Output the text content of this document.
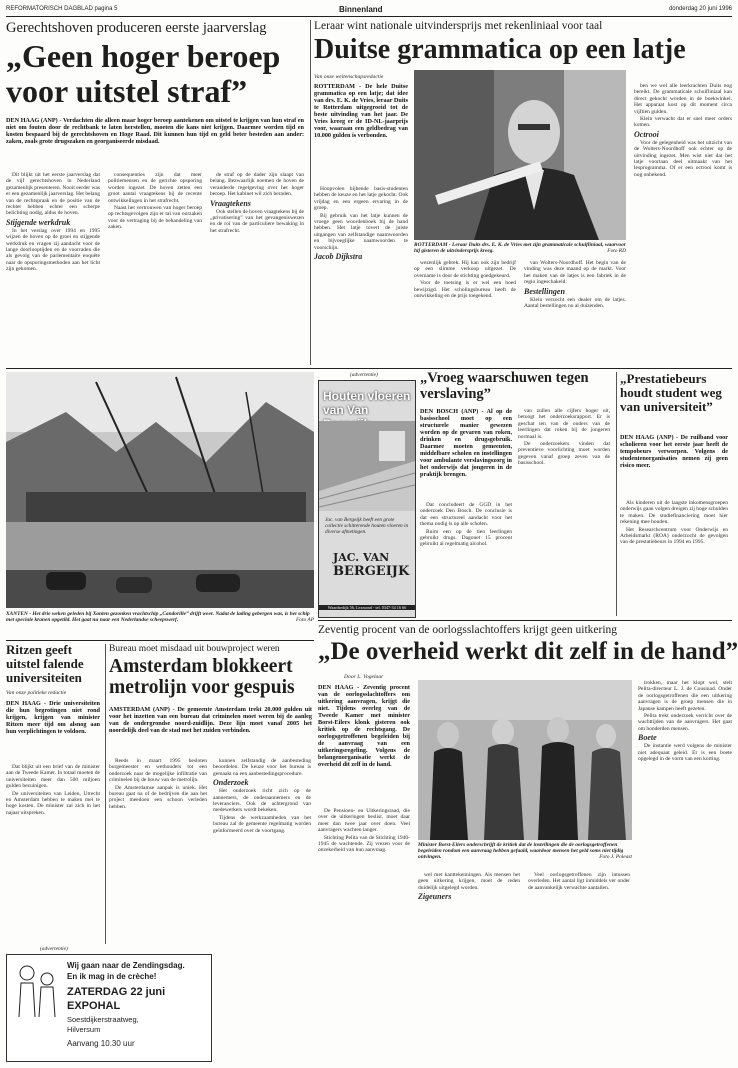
REFORMATORISCH DAGBLAD pagina 5	Binnenland	donderdag 20 juni 1996
Gerechtshoven produceren eerste jaarverslag
„Geen hoger beroep
voor uitstel straf”
DEN HAAG (ANP) - Verdachten die alleen maar hoger beroep aantekenen om uitstel te krijgen van hun straf en niet om fouten door de rechtbank te laten herstellen, moeten die kans niet krijgen. Daarmee worden tijd en kosten bespaard bij de gerechtshoven en Hoge Raad. Dit kunnen hun tijd en geld beter besteden aan ander: zaken, zoals grote drugszaken en georganiseerde misdaad.

Dit blijkt uit het eerste jaarverslag dat de vijf gerechtshoven in Nederland gezamenlijk presenteren. Nooit eerder was er een gezamenlijk jaarverslag. Het belang van de rechtspraak en de positie van de rechter hebben echter een scherpe belichting nodig, aldus de hoven.

Stijgende werkdruk

In het verslag over 1994 en 1995 wijzen de hoven op de groei en stijgende werkdruk en vragen zij aandacht voor de lange doorlooptijden en de voorraden die als gevolg van de parlementaire enquête naar de opsporingsmethoden aan het licht zijn gekomen.

consequenties zijn dat meer politiemensen en de gerichte opsporing worden ingezet. De hoven zetten een groot aantal vraagtekens bij de recente ontwikkelingen in het strafrecht.

Naast het vertrouwen van hoger beroep op rechtsgevolgen zijn er tal van oorzaken voor de vertraging bij de behandeling van zaken.

de straf op de dader zijn slaapt van belang. Bezwaarlijk noemen de hoven de veranderde regelgeving over het hoger beroep. Het kabinet wil zich beraden.

Vraagtekens

Ook stellen de hoven vraagtekens bij de „privatisering” van het gevangeniswezen en de rol van de particuliere bewaking in het strafrecht.

Leraar wint nationale uitvindersprijs met rekenliniaal voor taal
Duitse grammatica op een latje
Van onze weitenschapsredactie
ROTTERDAM - De hele Duitse grammatica op een latje; dat idee van drs. E. K. de Vries, leraar Duits te Rotterdam uitgegroeid tot de beste uitvinding van het jaar. De Vries kreeg er de ID-NL-jaarprijs voor, waaraan een geldbedrag van 10.000 gulden is verbonden.

Hoopvolen bijbende basis-studenten hebben de keuze en het latje gekocht. Ook vrijdag en een ergeen ervaring in de groep.

Bij gebruik van het latje kunnen de vroege geen woordenboek bij de hand hebben. Het latje tovert de juiste uitgangen van zelfstandige naamwoorden en bijvoeglijke naamwoorden te voorschijn.

Jacob Dijkstra

ROTTERDAM - Leraar Duits drs. E. K. de Vries met zijn grammaticale schuifliniaal, waarvoor hij gisteren de uitvindersprijs kreeg.	Foto RD

wezenlijk gebrek. Hij kan ook zijn bedrijf op een slimme verkoop uitgezet. De overname is door de stichting goedgekeurd.

Voor de toetsing is er wel een hoed bewijzigd. Het scholingsbureau heeft de ontwikkeling en de prijs toegekend.

van Wolters-Noordhoff. Het begin van de vinding was deze maand op de markt. Voor het maken van de latjes is een fabriek in de regio ingeschakeld.

Bestellingen

Klein verzocht een dealer om de latjes. Aantal bestellingen nu al duizenden.

ben we wel alle leerkrachten Duits nog bereikt. De grammaticale schuifliniaal kan direct gekocht worden in de boekwinkel. Het apparaat kost op dit moment circa vijftien gulden.

Klein verwacht dat er snel meer orders komen.

Octrooi

Voor de gelegenheid was het uitzicht van de Wolters-Noordhoff ook echter op de uitvinding ingezet. Men wist niet dat het latje voortaan deel uitmaakt van het lesprogramma. Of er een octrooi komt is nog onbekend.

XANTEN - Het drie weken geleden bij Xanten gezonken vrachtschip „Candorille” drijft weer. Nadat de lading gebergen was, is het schip met speciale kranen opgetild. Het gaat nu naar een Nederlandse scheepswerf.	Foto AP
(advertentie)
Houten vloeren
van Van
Jac. van Bergeijk heeft een grote collectie schitterende houten vloeren in diverse afmetingen.
JAC. VAN
BERGEIJK
Waardsedijk 56, Lexmond - tel. 0347-34 16 66
„Vroeg waarschuwen tegen
verslaving”
DEN BOSCH (ANP) - Al op de basisschool moet op een structurele manier gewezen worden op de gevaren van roken, drinken en drugsgebruik. Daarmee moeten gemeenten, middelbare scholen en instellingen voor ambulante verslavingszorg in het onderwijs dat jongeren in de praktijk brengen.

Dat concludeert de GGD in het onderzoek Den Bosch. De conclusie is dat een structureel aandacht voor het thema nodig is op alle scholen.

Ruim een op de tien leerlingen gebruikt drugs. Dagonet 15 procent gebruikt al regelmatig alcohol.

van zullen alle cijfers hoger uit, betoogt het onderzoeksrapport. Er is geschat ten van de ouders van de leerlingen dat roken bij de jongeren normaal is.

De onderzoekers vinden dat preventieve voorlichting moet worden gegeven vanaf groep zeven van de basisschool.

„Prestatiebeurs houdt student weg van universiteit”
DEN HAAG (ANP) - De ruilband voor scholieren voor het eerste jaar heeft de tempobeurs verworpen. Volgens de studentenorganisaties nemen zij geen risico meer.

Als kinderen uit de laagste inkomensgroepen onderwijs gaan volgen dreigen zij hoge schulden te maken. De studiefinanciering moet hier rekening mee houden.

Het Researchcentrum voor Onderwijs en Arbeidsmarkt (ROA) onderzocht de gevolgen van de prestatiebeurs in 1994 en 1995.

Zeventig procent van de oorlogsslachtoffers krijgt geen uitkering
„De overheid werkt dit zelf in de hand”
Door L. Vogelaar
DEN HAAG - Zeventig procent van de oorlogsslachtoffers om uitkering aanvragen, krijgt die niet. Tijdens overleg van de Tweede Kamer met minister Borst-Eilers klonk gisteren ook kritiek op de rechtsgang. De oorlogsgetroffenen begeleiden bij de aanvraag van een uitkeringsregeling. Volgens de belangenorganisatie werkt de overheid dit zelf in de hand.

De Pensioen- en Uitkeringsraad, die over de uitkeringen beslist, moet daar meer dan twee jaar over doen. Veel aanvragers wachten langer.

Stichting Pelita van de Stichting 1940-1945 de wachtende. Zij vrezen voor de onzekerheid van hun aanvraag.

Minister Borst-Eilers onderschrijft de kritiek dat de instellingen die de oorlogsgetroffenen begeleiden rondom een aanvraag hebben gefaald, waardoor mensen het geld soms niet tijdig ontvingen.	Foto J. Poleast

wel met kanttekenningen. Als mensen het geen uitkering krijgen, moet de reden duidelijk uitgelegd worden.

Zigeuners

Veel oorlogsgetroffenen zijn intussen overleden. Het aantal ligt inmiddels ver onder de aanvankelijk verwachte aantallen.

trokken, maar het klopt wel, stelt Pelita-directeur L. J. de Cousinad. Onder de oorlogsgetroffenen die een uitkering aanvragen is de groep mensen die in Japanse kampen heeft gezeten.

Pelita trekt onderzoek verricht over de wachttijden van de aanvragers. Het gaat om honderden mensen.

Boete

De instantie werd volgens de minister niet adequaat geleid. Er is een boete opgelegd in de vorm van een korting.

Ritzen geeft
uitstel falende
universiteiten
Van onze politieke redactie
DEN HAAG - Drie universiteiten die hun begrotingen niet rond krijgen, krijgen van minister Ritzen meer tijd om alsnog aan hun verplichtingen te voldoen.

Dat blijkt uit een brief van de minister aan de Tweede Kamer. In totaal moeten de universiteiten meer dan 500 miljoen gulden bezuinigen.

De universiteiten van Leiden, Utrecht en Amsterdam hebben te maken met te hoge kosten. De minister zal zich in het najaar uitspreken.

Bureau moet misdaad uit bouwproject weren
Amsterdam blokkeert
metrolijn voor gespuis
AMSTERDAM (ANP) - De gemeente Amsterdam trekt 20.000 gulden uit voor het inzetten van een bureau dat criminelen moet weren bij de aanleg van de ondergrondse noord-zuidlijn. Deze lijn moet vanaf 2005 het noordelijk deel van de stad met het zuiden verbinden.

Reeds in maart 1995 besloten burgemeester en wethouders tot een onderzoek naar de mogelijke infiltratie van criminelen bij de bouw van de metrolijn.

De Amsterdamse aanpak is uniek. Het bureau gaat na of de bedrijven die aan het project meedoen een schoon verleden hebben.

kunnen zelfstandig de aanbesteding beoordelen. De keuze voor het bureau is gemaakt na een aanbestedingsprocedure.

Onderzoek

Het onderzoek richt zich op de aannemers, de onderaannemers en de leveranciers. Ook de achtergrond van medewerkers wordt bekeken.

Tijdens de werkzaamheden van het bureau zal de gemeente regelmatig worden geïnformeerd over de voortgang.

(advertentie)
Wij gaan naar de Zendingsdag.
En ik mag in de crèche!
ZATERDAG 22 juni
EXPOHAL
Soestdijkerstraatweg,
Hilversum
Aanvang 10.30 uur
